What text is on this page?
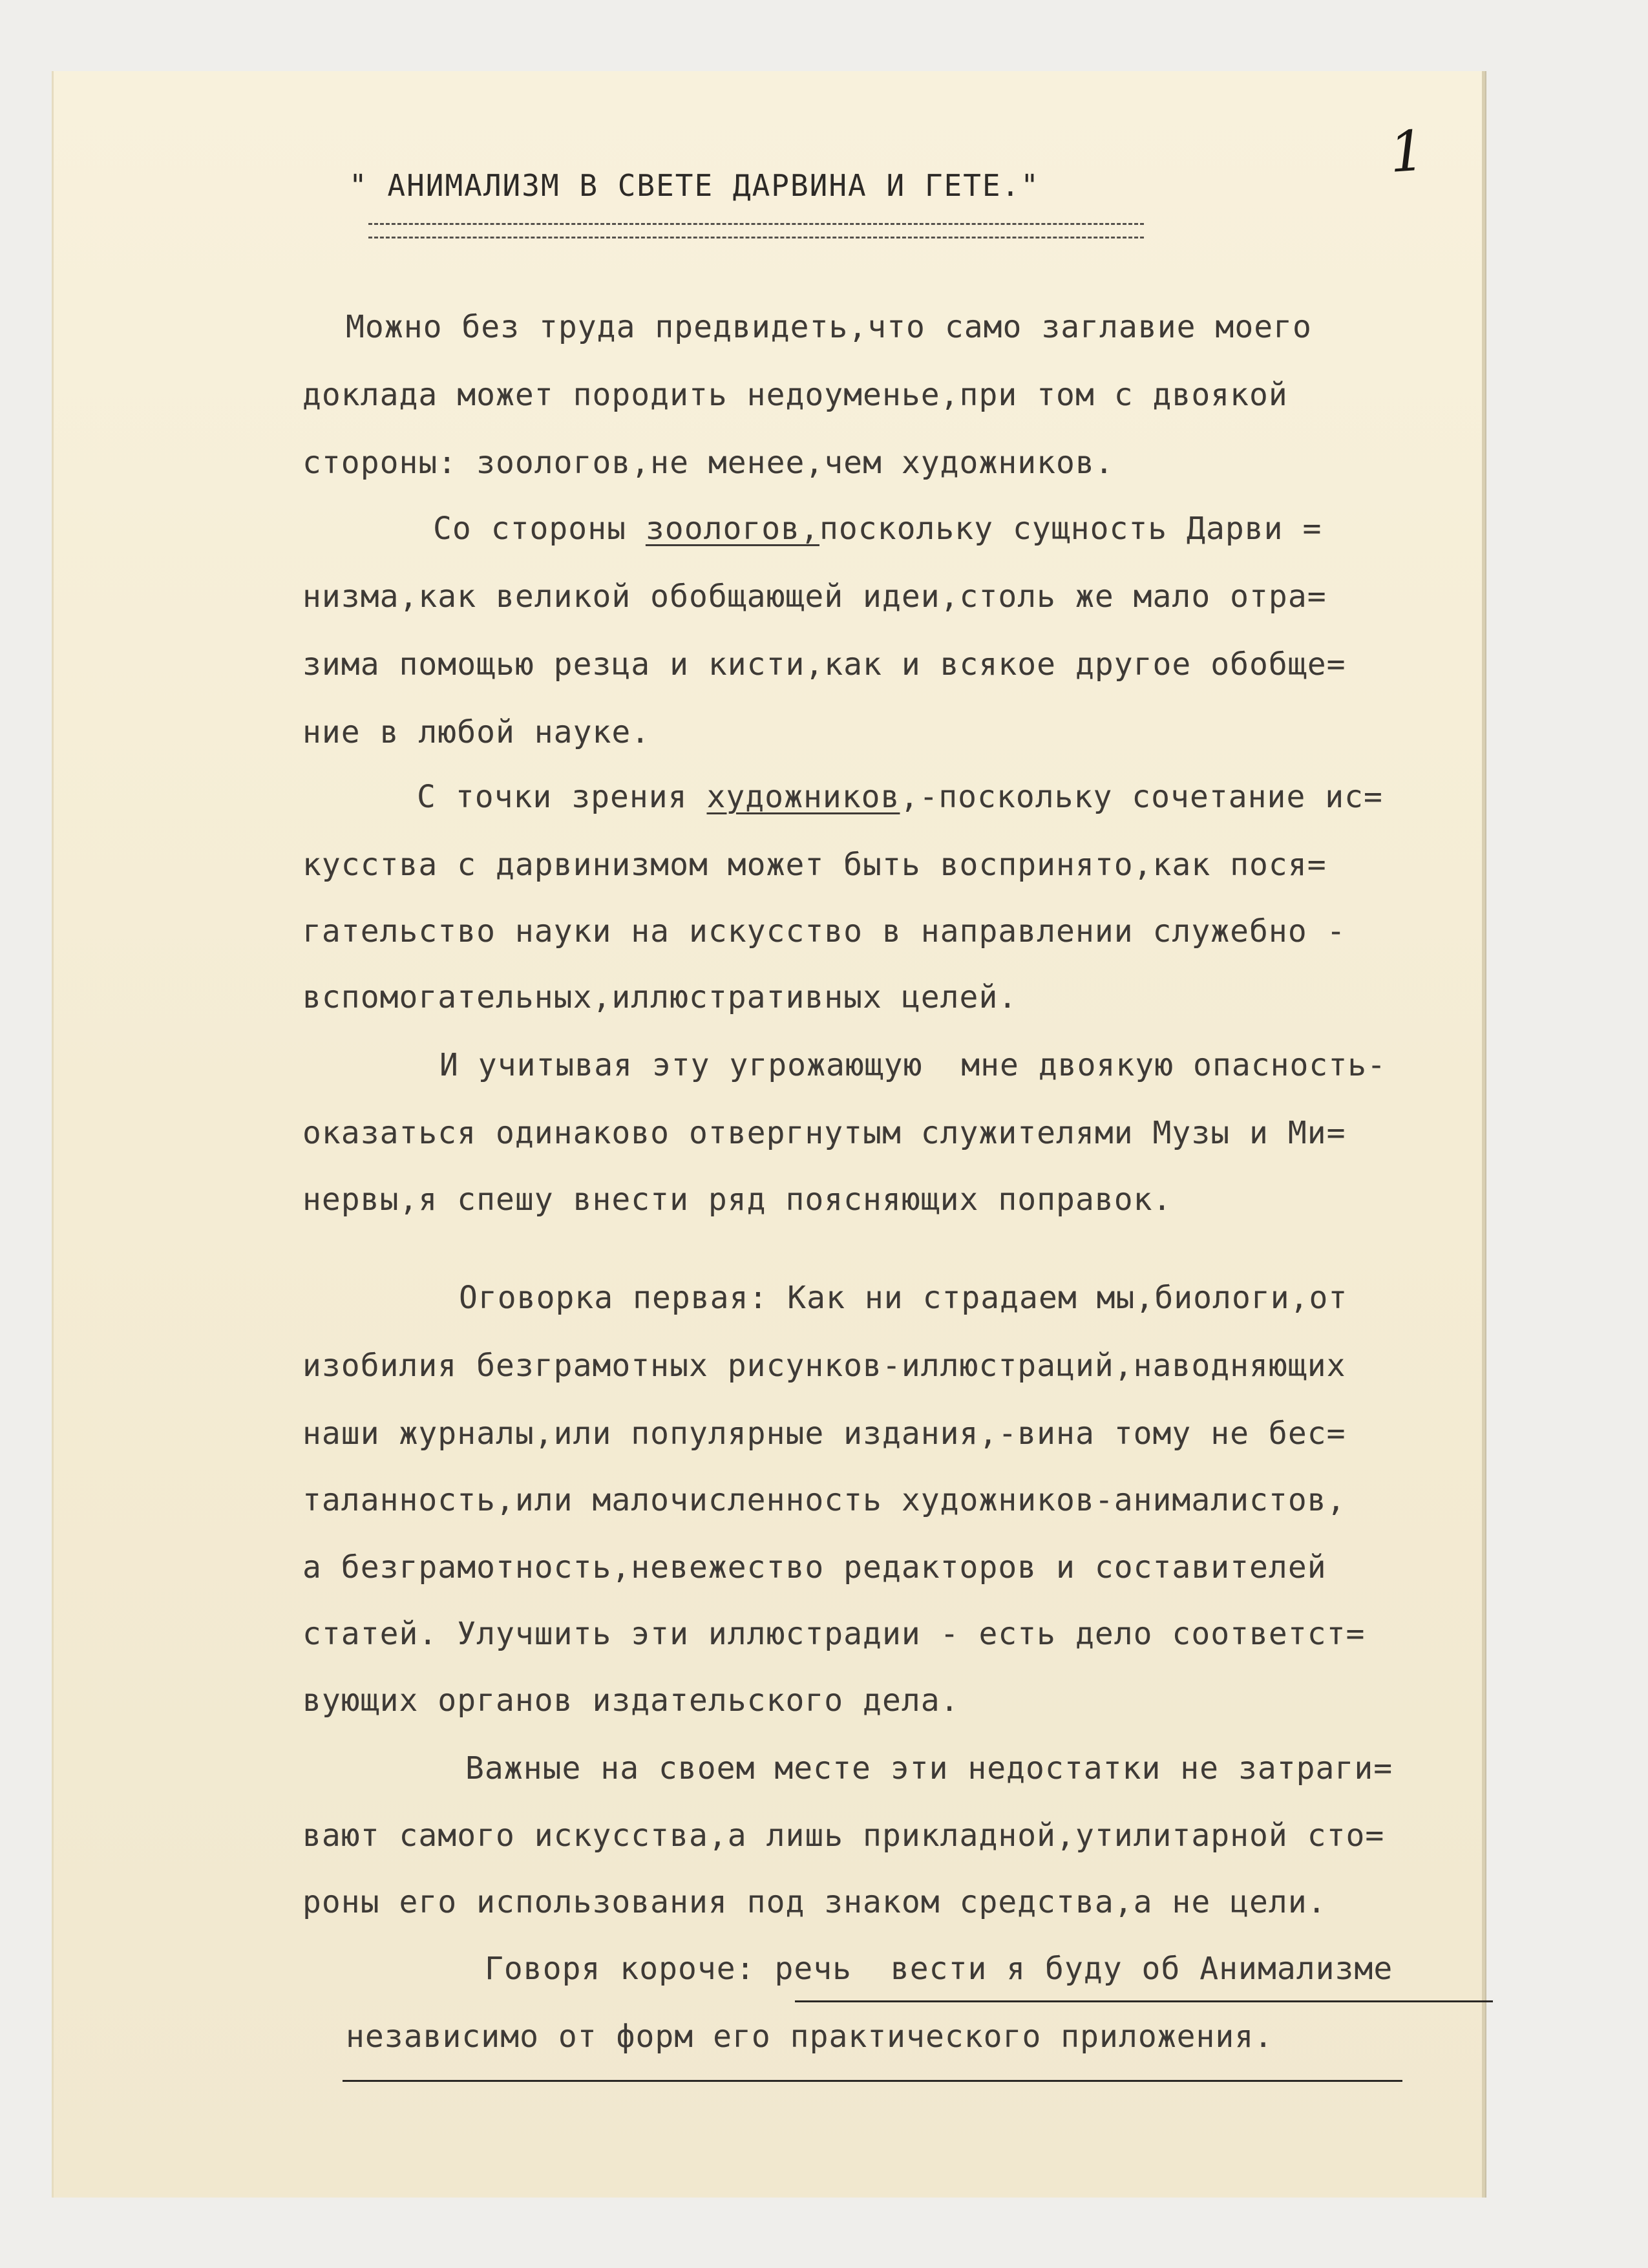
1
" АНИМАЛИЗМ В СВЕТЕ ДАРВИНА И ГЕТЕ."
Можно без труда предвидеть,что само заглавие моего
доклада может породить недоуменье,при том с двоякой
стороны: зоологов,не менее,чем художников.
Со стороны зоологов,поскольку сущность Дарви =
низма,как великой обобщающей идеи,столь же мало отра=
зима помощью резца и кисти,как и всякое другое обобще=
ние в любой науке.
С точки зрения художников,-поскольку сочетание ис=
кусства с дарвинизмом может быть воспринято,как пося=
гательство науки на искусство в направлении служебно -
вспомогательных,иллюстративных целей.
И учитывая эту угрожающую  мне двоякую опасность-
оказаться одинаково отвергнутым служителями Музы и Ми=
нервы,я спешу внести ряд поясняющих поправок.
Оговорка первая: Как ни страдаем мы,биологи,от
изобилия безграмотных рисунков-иллюстраций,наводняющих
наши журналы,или популярные издания,-вина тому не бес=
таланность,или малочисленность художников-анималистов,
а безграмотность,невежество редакторов и составителей
статей. Улучшить эти иллюстрадии - есть дело соответст=
вующих органов издательского дела.
Важные на своем месте эти недостатки не затраги=
вают самого искусства,а лишь прикладной,утилитарной сто=
роны его использования под знаком средства,а не цели.
Говоря короче: речь  вести я буду об Анимализме
независимо от форм его практического приложения.
